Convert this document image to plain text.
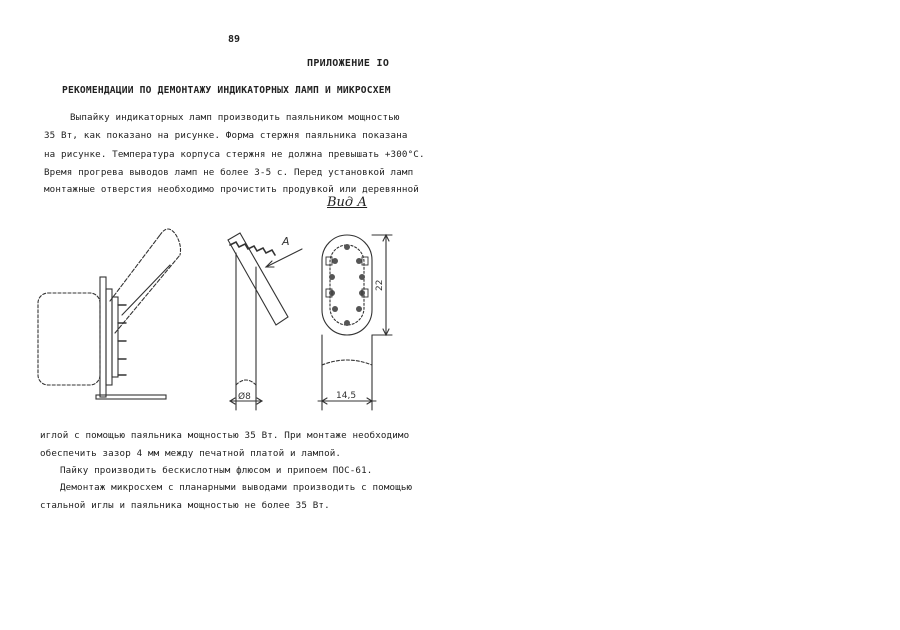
89
ПРИЛОЖЕНИЕ IO
РЕКОМЕНДАЦИИ ПО ДЕМОНТАЖУ ИНДИКАТОРНЫХ ЛАМП И МИКРОСХЕМ
Выпайку индикаторных ламп производить паяльником мощностью
35 Вт, как показано на рисунке. Форма стержня паяльника показана
на рисунке. Температура корпуса стержня не должна превышать +300°С.
Время прогрева выводов ламп не более 3-5 с. Перед установкой ламп
монтажные отверстия необходимо прочистить продувкой или деревянной
Вид А
А
Ø8	14,5
22
иглой с помощью паяльника мощностью 35 Вт. При монтаже необходимо
обеспечить зазор 4 мм между печатной платой и лампой.
Пайку производить бескислотным флюсом и припоем ПОС-61.
Демонтаж микросхем с планарными выводами производить с помощью
стальной иглы и паяльника мощностью не более 35 Вт.
